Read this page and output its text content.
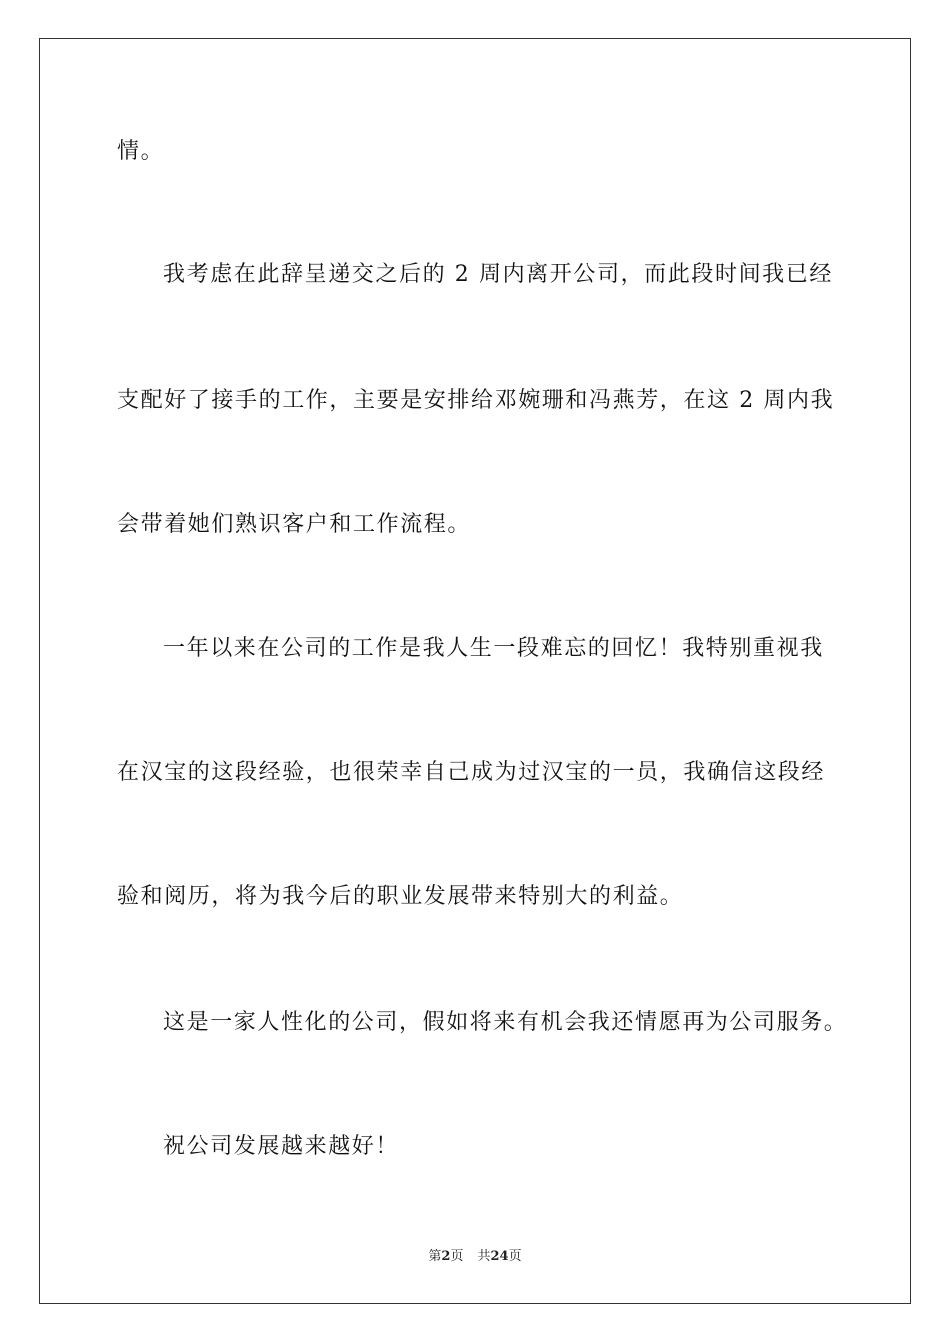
情。
我考虑在此辞呈递交之后的 2 周内离开公司，而此段时间我已经
支配好了接手的工作，主要是安排给邓婉珊和冯燕芳，在这 2 周内我
会带着她们熟识客户和工作流程。
一年以来在公司的工作是我人生一段难忘的回忆！我特别重视我
在汉宝的这段经验，也很荣幸自己成为过汉宝的一员，我确信这段经
验和阅历，将为我今后的职业发展带来特别大的利益。
这是一家人性化的公司，假如将来有机会我还情愿再为公司服务。
祝公司发展越来越好！
第2页 共24页
